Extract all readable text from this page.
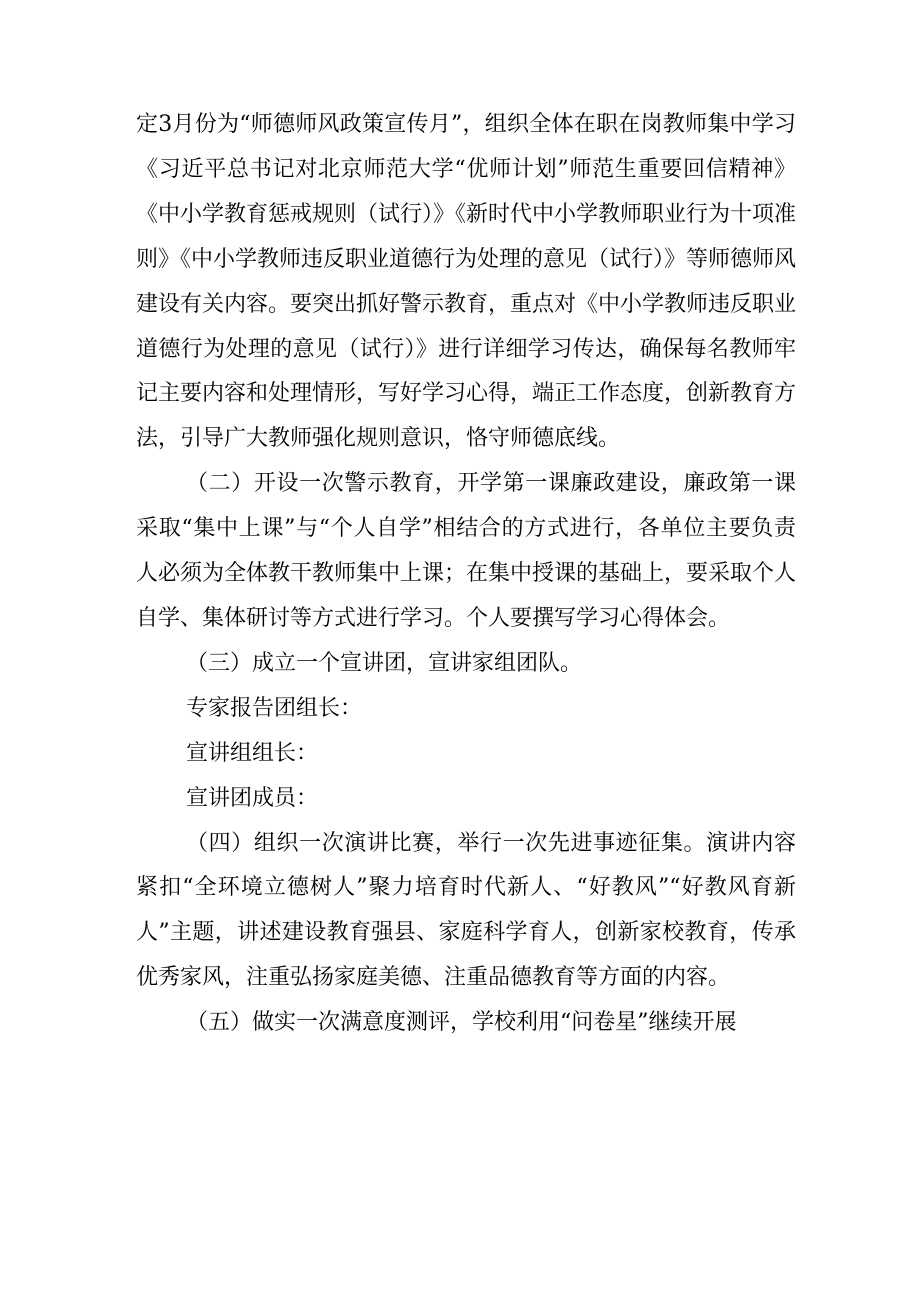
定3月份为“师德师风政策宣传月”，组织全体在职在岗教师集中学习《习近平总书记对北京师范大学“优师计划”师范生重要回信精神》《中小学教育惩戒规则（试行）》《新时代中小学教师职业行为十项准则》《中小学教师违反职业道德行为处理的意见（试行）》等师德师风建设有关内容。要突出抓好警示教育，重点对《中小学教师违反职业道德行为处理的意见（试行）》进行详细学习传达，确保每名教师牢记主要内容和处理情形，写好学习心得，端正工作态度，创新教育方法，引导广大教师强化规则意识，恪守师德底线。

（二）开设一次警示教育，开学第一课廉政建设，廉政第一课采取“集中上课”与“个人自学”相结合的方式进行，各单位主要负责人必须为全体教干教师集中上课；在集中授课的基础上，要采取个人自学、集体研讨等方式进行学习。个人要撰写学习心得体会。

（三）成立一个宣讲团，宣讲家组团队。

专家报告团组长：

宣讲组组长：

宣讲团成员：

（四）组织一次演讲比赛，举行一次先进事迹征集。演讲内容紧扣“全环境立德树人”聚力培育时代新人、“好教风”“好教风育新人”主题，讲述建设教育强县、家庭科学育人，创新家校教育，传承优秀家风，注重弘扬家庭美德、注重品德教育等方面的内容。

（五）做实一次满意度测评，学校利用“问卷星”继续开展
